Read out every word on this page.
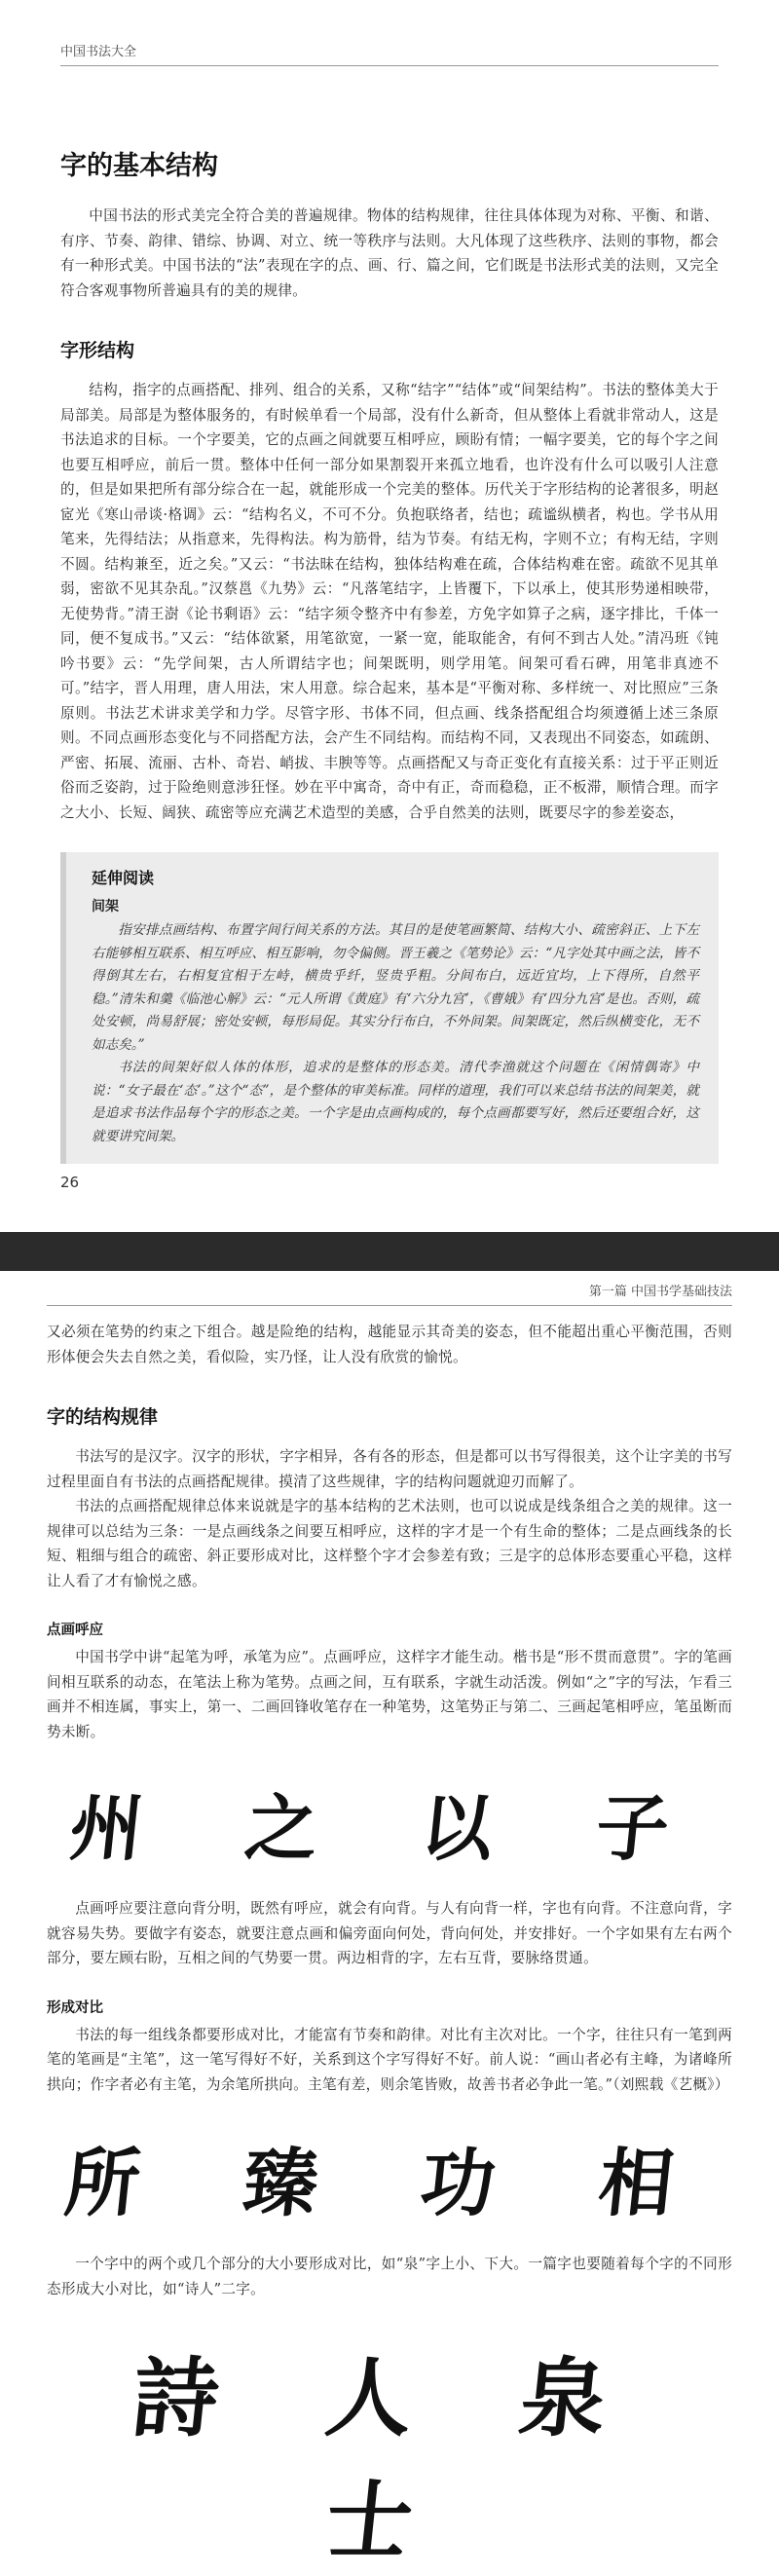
中国书法大全
字的基本结构

中国书法的形式美完全符合美的普遍规律。物体的结构规律，往往具体体现为对称、平衡、和谐、有序、节奏、韵律、错综、协调、对立、统一等秩序与法则。大凡体现了这些秩序、法则的事物，都会有一种形式美。中国书法的“法”表现在字的点、画、行、篇之间，它们既是书法形式美的法则，又完全符合客观事物所普遍具有的美的规律。

字形结构

结构，指字的点画搭配、排列、组合的关系，又称“结字”“结体”或“间架结构”。书法的整体美大于局部美。局部是为整体服务的，有时候单看一个局部，没有什么新奇，但从整体上看就非常动人，这是书法追求的目标。一个字要美，它的点画之间就要互相呼应，顾盼有情；一幅字要美，它的每个字之间也要互相呼应，前后一贯。整体中任何一部分如果割裂开来孤立地看，也许没有什么可以吸引人注意的，但是如果把所有部分综合在一起，就能形成一个完美的整体。历代关于字形结构的论著很多，明赵宧光《寒山帚谈·格调》云：“结构名义，不可不分。负抱联络者，结也；疏谧纵横者，构也。学书从用笔来，先得结法；从指意来，先得构法。构为筋骨，结为节奏。有结无构，字则不立；有构无结，字则不圆。结构兼至，近之矣。”又云：“书法昧在结构，独体结构难在疏，合体结构难在密。疏欲不见其单弱，密欲不见其杂乱。”汉蔡邕《九势》云：“凡落笔结字，上皆覆下，下以承上，使其形势递相映带，无使势背。”清王澍《论书剩语》云：“结字须令整齐中有参差，方免字如算子之病，逐字排比，千体一同，便不复成书。”又云：“结体欲紧，用笔欲宽，一紧一宽，能取能舍，有何不到古人处。”清冯班《钝吟书要》云：“先学间架，古人所谓结字也；间架既明，则学用笔。间架可看石碑，用笔非真迹不可。”结字，晋人用理，唐人用法，宋人用意。综合起来，基本是“平衡对称、多样统一、对比照应”三条原则。书法艺术讲求美学和力学。尽管字形、书体不同，但点画、线条搭配组合均须遵循上述三条原则。不同点画形态变化与不同搭配方法，会产生不同结构。而结构不同，又表现出不同姿态，如疏朗、严密、拓展、流丽、古朴、奇岩、峭拔、丰腴等等。点画搭配又与奇正变化有直接关系：过于平正则近俗而乏姿韵，过于险绝则意涉狂怪。妙在平中寓奇，奇中有正，奇而稳稳，正不板滞，顺情合理。而字之大小、长短、阔狭、疏密等应充满艺术造型的美感，合乎自然美的法则，既要尽字的参差姿态，

延伸阅读
间架

指安排点画结构、布置字间行间关系的方法。其目的是使笔画繁简、结构大小、疏密斜正、上下左右能够相互联系、相互呼应、相互影响，勿令偏侧。晋王羲之《笔势论》云：“凡字处其中画之法，皆不得倒其左右，右相复宜相于左峙，横贵乎纤，竖贵乎粗。分间布白，远近宜均，上下得所，自然平稳。”清朱和羹《临池心解》云：“元人所谓《黄庭》有‘六分九宫’，《曹娥》有‘四分九宫’是也。否则，疏处安顿，尚易舒展；密处安顿，每形局促。其实分行布白，不外间架。间架既定，然后纵横变化，无不如志矣。”

书法的间架好似人体的体形，追求的是整体的形态美。清代李渔就这个问题在《闲情偶寄》中说：“女子最在‘态’。”这个“态”，是个整体的审美标准。同样的道理，我们可以来总结书法的间架美，就是追求书法作品每个字的形态之美。一个字是由点画构成的，每个点画都要写好，然后还要组合好，这就要讲究间架。

26
第一篇 中国书学基础技法

又必须在笔势的约束之下组合。越是险绝的结构，越能显示其奇美的姿态，但不能超出重心平衡范围，否则形体便会失去自然之美，看似险，实乃怪，让人没有欣赏的愉悦。

字的结构规律

书法写的是汉字。汉字的形状，字字相异，各有各的形态，但是都可以书写得很美，这个让字美的书写过程里面自有书法的点画搭配规律。摸清了这些规律，字的结构问题就迎刃而解了。

书法的点画搭配规律总体来说就是字的基本结构的艺术法则，也可以说成是线条组合之美的规律。这一规律可以总结为三条：一是点画线条之间要互相呼应，这样的字才是一个有生命的整体；二是点画线条的长短、粗细与组合的疏密、斜正要形成对比，这样整个字才会参差有致；三是字的总体形态要重心平稳，这样让人看了才有愉悦之感。

点画呼应

中国书学中讲“起笔为呼，承笔为应”。点画呼应，这样字才能生动。楷书是“形不贯而意贯”。字的笔画间相互联系的动态，在笔法上称为笔势。点画之间，互有联系，字就生动活泼。例如“之”字的写法，乍看三画并不相连属，事实上，第一、二画回锋收笔存在一种笔势，这笔势正与第二、三画起笔相呼应，笔虽断而势未断。

州 之 以 子

点画呼应要注意向背分明，既然有呼应，就会有向背。与人有向背一样，字也有向背。不注意向背，字就容易失势。要做字有姿态，就要注意点画和偏旁面向何处，背向何处，并安排好。一个字如果有左右两个部分，要左顾右盼，互相之间的气势要一贯。两边相背的字，左右互背，要脉络贯通。

形成对比

书法的每一组线条都要形成对比，才能富有节奏和韵律。对比有主次对比。一个字，往往只有一笔到两笔的笔画是“主笔”，这一笔写得好不好，关系到这个字写得好不好。前人说：“画山者必有主峰，为诸峰所拱向；作字者必有主笔，为余笔所拱向。主笔有差，则余笔皆败，故善书者必争此一笔。”（刘熙载《艺概》）

所 臻 功 相

一个字中的两个或几个部分的大小要形成对比，如“泉”字上小、下大。一篇字也要随着每个字的不同形态形成大小对比，如“诗人”二字。

詩 人 泉 士
